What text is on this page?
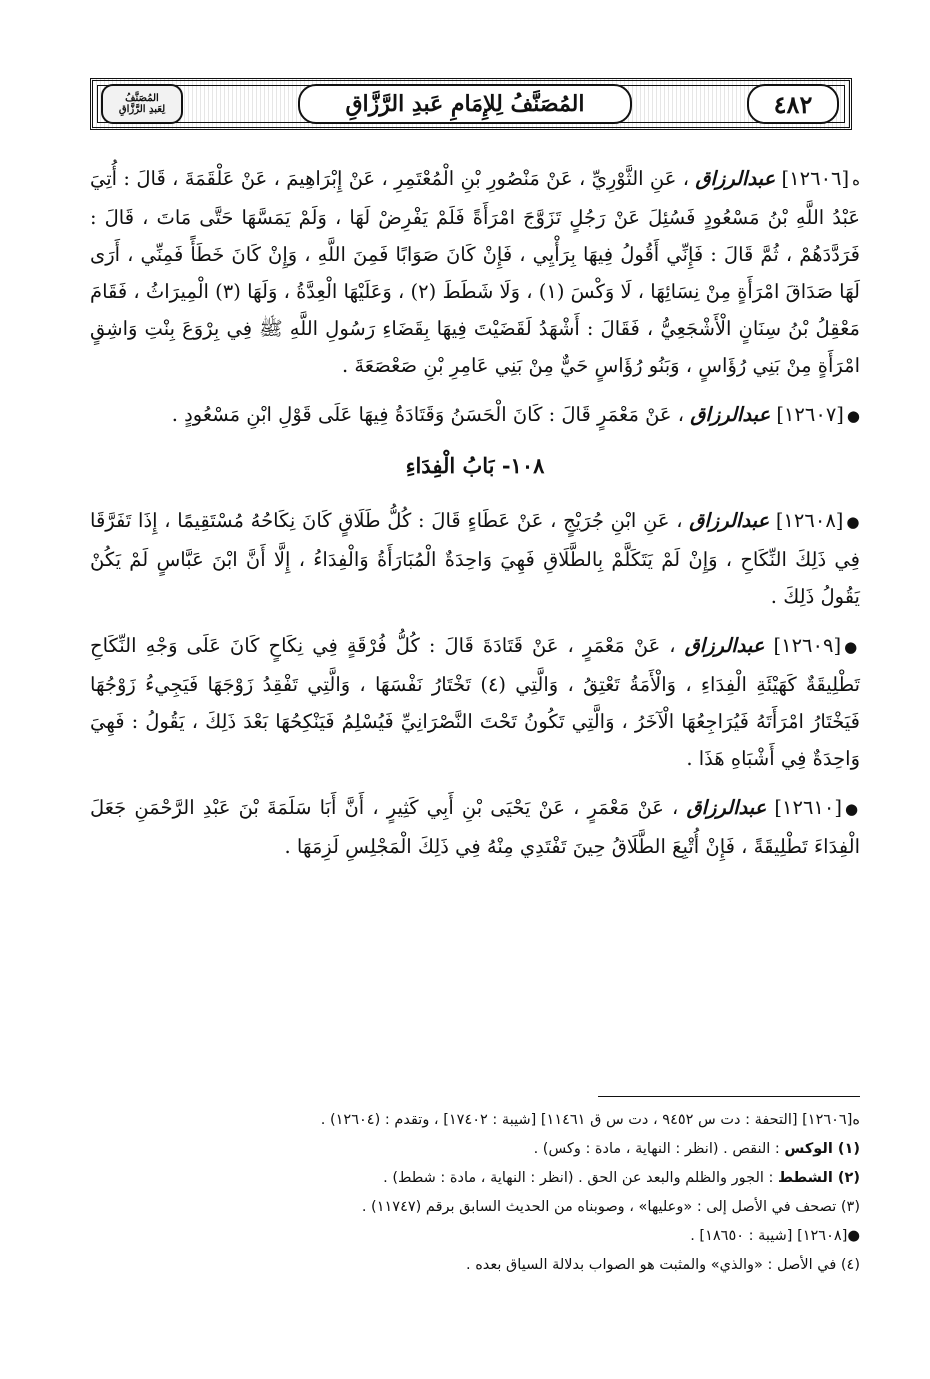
المُصَنَّفُ
لِعَبدِ الرَّزَّاقِ	المُصَنَّفُ لِلإِمَامِ عَبدِ الرَّزَّاقِ	٤٨٢

ه[١٢٦٠٦] عبدالرزاق ، عَنِ الثَّوْرِيِّ ، عَنْ مَنْصُورِ بْنِ الْمُعْتَمِرِ ، عَنْ إِبْرَاهِيمَ ، عَنْ عَلْقَمَةَ ، قَالَ : أُتِيَ عَبْدُ اللَّهِ بْنُ مَسْعُودٍ فَسُئِلَ عَنْ رَجُلٍ تَزَوَّجَ امْرَأَةً فَلَمْ يَفْرِضْ لَهَا ، وَلَمْ يَمَسَّهَا حَتَّى مَاتَ ، قَالَ : فَرَدَّدَهُمْ ، ثُمَّ قَالَ : فَإِنِّي أَقُولُ فِيهَا بِرَأْيِي ، فَإِنْ كَانَ صَوَابًا فَمِنَ اللَّهِ ، وَإِنْ كَانَ خَطَأً فَمِنِّي ، أَرَى لَهَا صَدَاقَ امْرَأَةٍ مِنْ نِسَائِهَا ، لَا وَكْسَ (١) ، وَلَا شَطَطَ (٢) ، وَعَلَيْهَا الْعِدَّةُ ، وَلَهَا (٣) الْمِيرَاثُ ، فَقَامَ مَعْقِلُ بْنُ سِنَانٍ الْأَشْجَعِيُّ ، فَقَالَ : أَشْهَدُ لَقَضَيْتَ فِيهَا بِقَضَاءِ رَسُولِ اللَّهِ ﷺ فِي بِرْوَعَ بِنْتِ وَاشِقٍ امْرَأَةٍ مِنْ بَنِي رُؤَاسٍ ، وَبَنُو رُؤَاسٍ حَيٌّ مِنْ بَنِي عَامِرِ بْنِ صَعْصَعَةَ .

●[١٢٦٠٧] عبدالرزاق ، عَنْ مَعْمَرٍ قَالَ : كَانَ الْحَسَنُ وَقَتَادَةُ فِيهَا عَلَى قَوْلِ ابْنِ مَسْعُودٍ .

١٠٨- بَابُ الْفِدَاءِ

●[١٢٦٠٨] عبدالرزاق ، عَنِ ابْنِ جُرَيْجٍ ، عَنْ عَطَاءٍ قَالَ : كُلُّ طَلَاقٍ كَانَ نِكَاحُهُ مُسْتَقِيمًا ، إِذَا تَفَرَّقَا فِي ذَلِكَ النِّكَاحِ ، وَإِنْ لَمْ يَتَكَلَّمْ بِالطَّلَاقِ فَهِيَ وَاحِدَةٌ الْمُبَارَأَةُ وَالْفِدَاءُ ، إِلَّا أَنَّ ابْنَ عَبَّاسٍ لَمْ يَكُنْ يَقُولُ ذَلِكَ .

●[١٢٦٠٩] عبدالرزاق ، عَنْ مَعْمَرٍ ، عَنْ قَتَادَةَ قَالَ : كُلُّ فُرْقَةٍ فِي نِكَاحٍ كَانَ عَلَى وَجْهِ النِّكَاحِ تَطْلِيقَةٌ كَهَيْئَةِ الْفِدَاءِ ، وَالْأَمَةُ تَعْتِقُ ، وَالَّتِي (٤) تَخْتَارُ نَفْسَهَا ، وَالَّتِي تَفْقِدُ زَوْجَهَا فَيَجِيءُ زَوْجُهَا فَيَخْتَارُ امْرَأَتَهُ فَيُرَاجِعُهَا الْآخَرُ ، وَالَّتِي تَكُونُ تَحْتَ النَّصْرَانِيِّ فَيُسْلِمُ فَيَنْكِحُهَا بَعْدَ ذَلِكَ ، يَقُولُ : فَهِيَ وَاحِدَةٌ فِي أَشْبَاهِ هَذَا .

●[١٢٦١٠] عبدالرزاق ، عَنْ مَعْمَرٍ ، عَنْ يَحْيَى بْنِ أَبِي كَثِيرٍ ، أَنَّ أَبَا سَلَمَةَ بْنَ عَبْدِ الرَّحْمَنِ جَعَلَ الْفِدَاءَ تَطْلِيقَةً ، فَإِنْ أُتْبِعَ الطَّلَاقُ حِينَ تَفْتَدِي مِنْهُ فِي ذَلِكَ الْمَجْلِسِ لَزِمَهَا .

ه[١٢٦٠٦] [التحفة : دت س ٩٤٥٢ ، دت س ق ١١٤٦١] [شيبة : ١٧٤٠٢] ، وتقدم : (١٢٦٠٤) .

(١) الوكس : النقص . (انظر : النهاية ، مادة : وكس) .

(٢) الشطط : الجور والظلم والبعد عن الحق . (انظر : النهاية ، مادة : شطط) .

(٣) تصحف في الأصل إلى : «وعليها» ، وصوبناه من الحديث السابق برقم (١١٧٤٧) .

●[١٢٦٠٨] [شيبة : ١٨٦٥٠] .

(٤) في الأصل : «والذي» والمثبت هو الصواب بدلالة السياق بعده .
